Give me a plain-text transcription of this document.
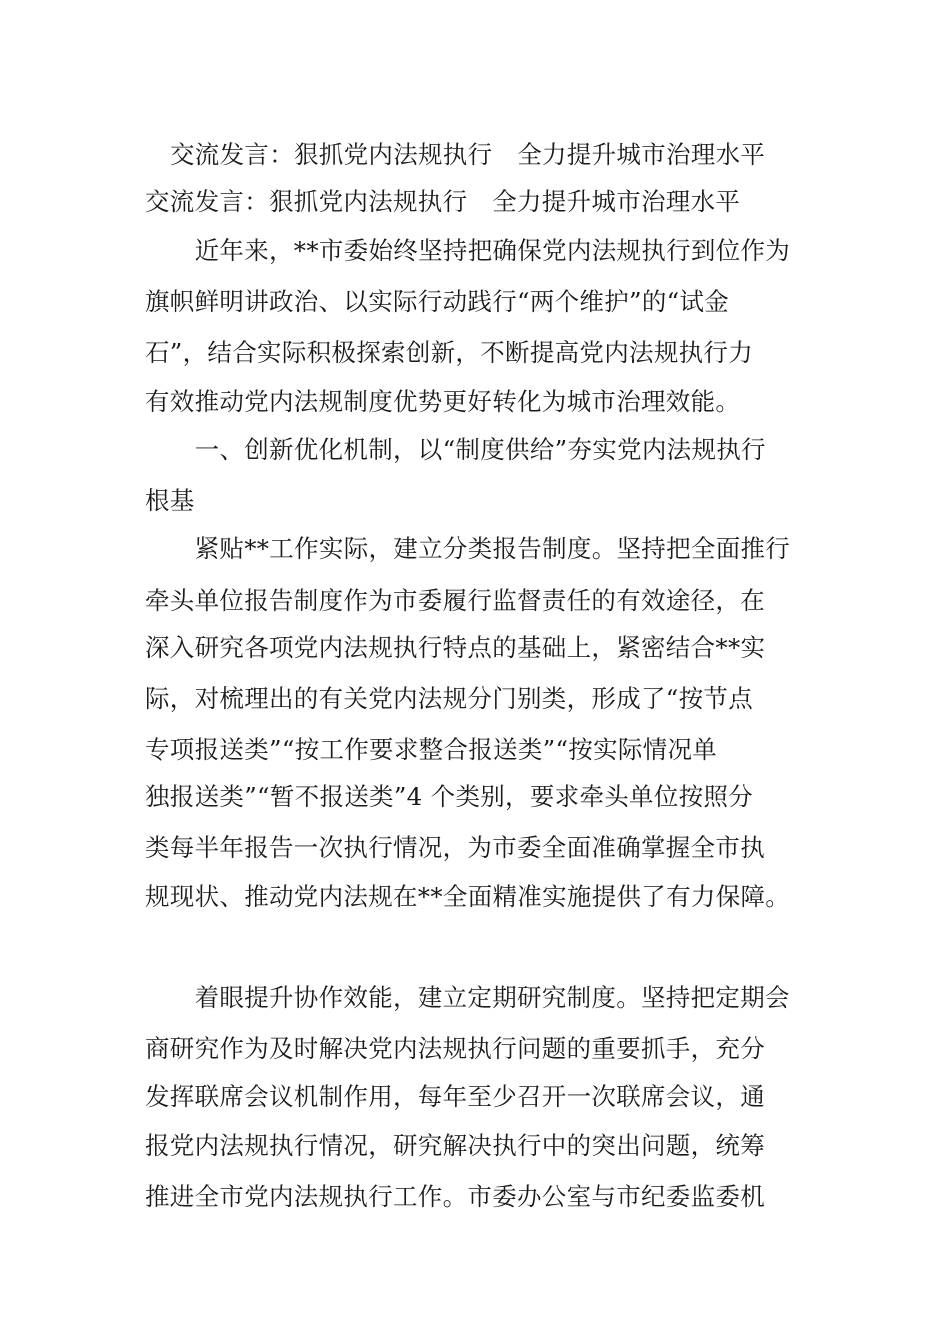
交流发言：狠抓党内法规执行　全力提升城市治理水平
交流发言：狠抓党内法规执行　全力提升城市治理水平
　　近年来，**市委始终坚持把确保党内法规执行到位作为
旗帜鲜明讲政治、以实际行动践行“两个维护”的“试金
石”，结合实际积极探索创新，不断提高党内法规执行力
有效推动党内法规制度优势更好转化为城市治理效能。
　　一、创新优化机制，以“制度供给”夯实党内法规执行
根基
　　紧贴**工作实际，建立分类报告制度。坚持把全面推行
牵头单位报告制度作为市委履行监督责任的有效途径，在
深入研究各项党内法规执行特点的基础上，紧密结合**实
际，对梳理出的有关党内法规分门别类，形成了“按节点
专项报送类”“按工作要求整合报送类”“按实际情况单
独报送类”“暂不报送类”4 个类别，要求牵头单位按照分
类每半年报告一次执行情况，为市委全面准确掌握全市执
规现状、推动党内法规在**全面精准实施提供了有力保障。
　　着眼提升协作效能，建立定期研究制度。坚持把定期会
商研究作为及时解决党内法规执行问题的重要抓手，充分
发挥联席会议机制作用，每年至少召开一次联席会议，通
报党内法规执行情况，研究解决执行中的突出问题，统筹
推进全市党内法规执行工作。市委办公室与市纪委监委机
